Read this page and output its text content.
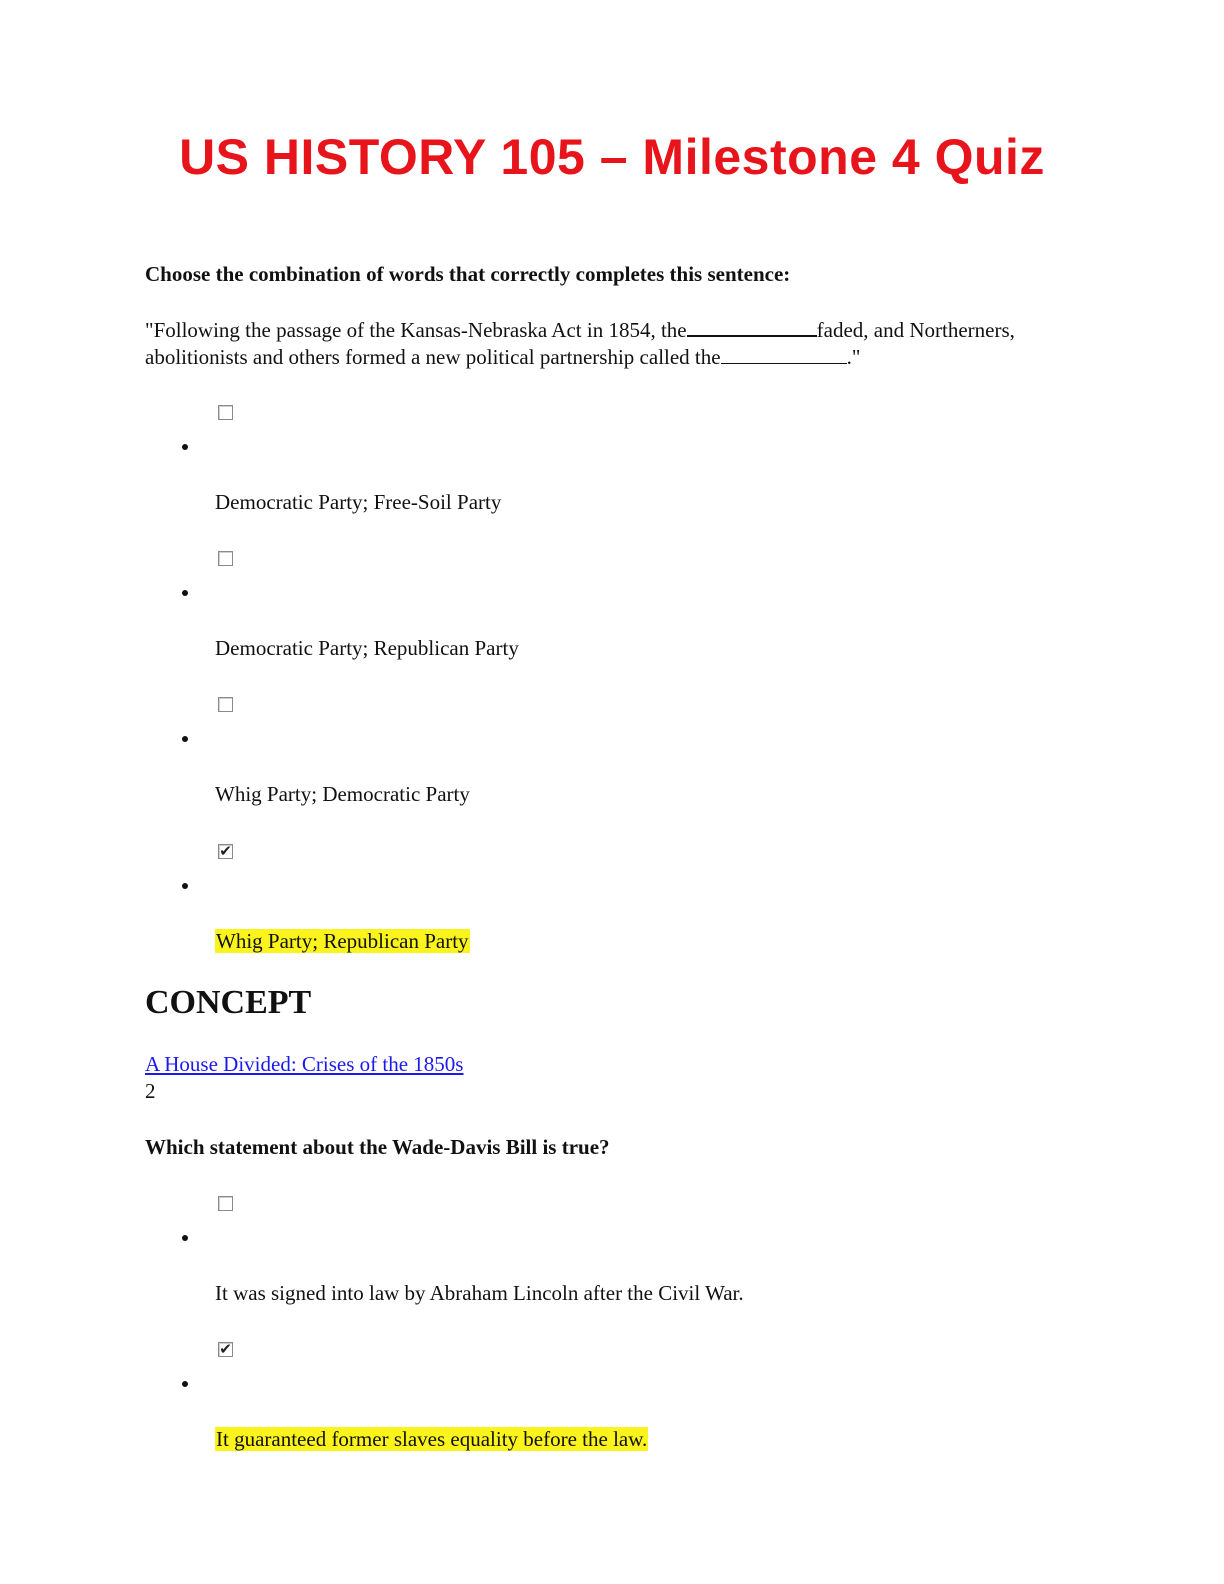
US HISTORY 105 – Milestone 4 Quiz
Choose the combination of words that correctly completes this sentence:
"Following the passage of the Kansas-Nebraska Act in 1854, the	faded, and Northerners, abolitionists and others formed a new political partnership called the	."
Democratic Party; Free-Soil Party
Democratic Party; Republican Party
Whig Party; Democratic Party
✔
Whig Party; Republican Party
CONCEPT
A House Divided: Crises of the 1850s
2
Which statement about the Wade-Davis Bill is true?
It was signed into law by Abraham Lincoln after the Civil War.
✔
It guaranteed former slaves equality before the law.
